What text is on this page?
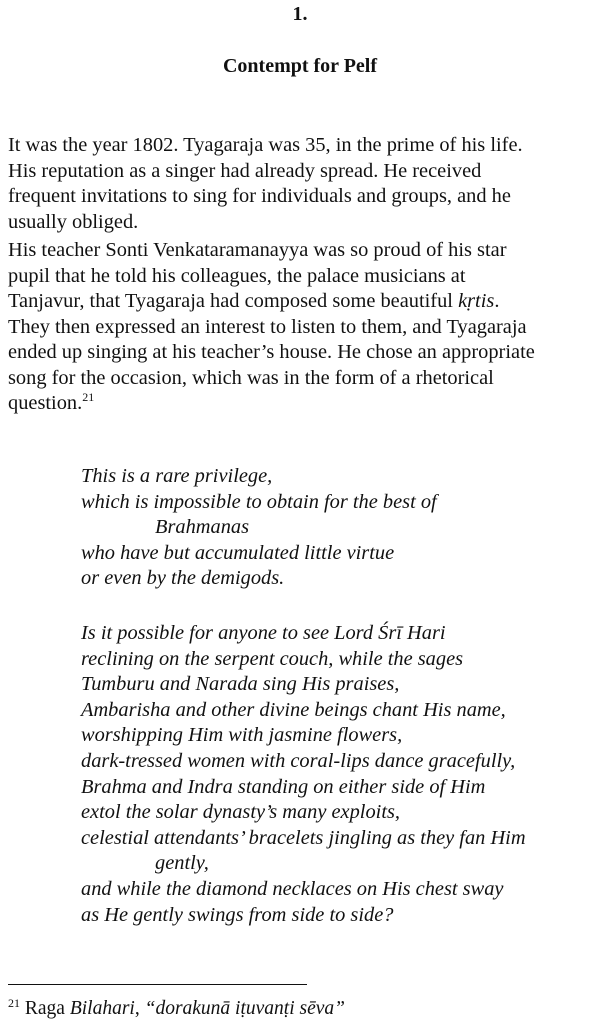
1.
Contempt for Pelf

It was the year 1802. Tyagaraja was 35, in the prime of his life.
His reputation as a singer had already spread. He received
frequent invitations to sing for individuals and groups, and he
usually obliged.

His teacher Sonti Venkataramanayya was so proud of his star
pupil that he told his colleagues, the palace musicians at
Tanjavur, that Tyagaraja had composed some beautiful kṛtis.
They then expressed an interest to listen to them, and Tyagaraja
ended up singing at his teacher’s house. He chose an appropriate
song for the occasion, which was in the form of a rhetorical
question.$^{21}$

This is a rare privilege,
which is impossible to obtain for the best of
Brahmanas
who have but accumulated little virtue
or even by the demigods.
Is it possible for anyone to see Lord Śrī Hari
reclining on the serpent couch, while the sages
Tumburu and Narada sing His praises,
Ambarisha and other divine beings chant His name,
worshipping Him with jasmine flowers,
dark-tressed women with coral-lips dance gracefully,
Brahma and Indra standing on either side of Him
extol the solar dynasty’s many exploits,
celestial attendants’ bracelets jingling as they fan Him
gently,
and while the diamond necklaces on His chest sway
as He gently swings from side to side?
$^{21}$ Raga Bilahari, “dorakunā iṭuvanṭi sēva”
